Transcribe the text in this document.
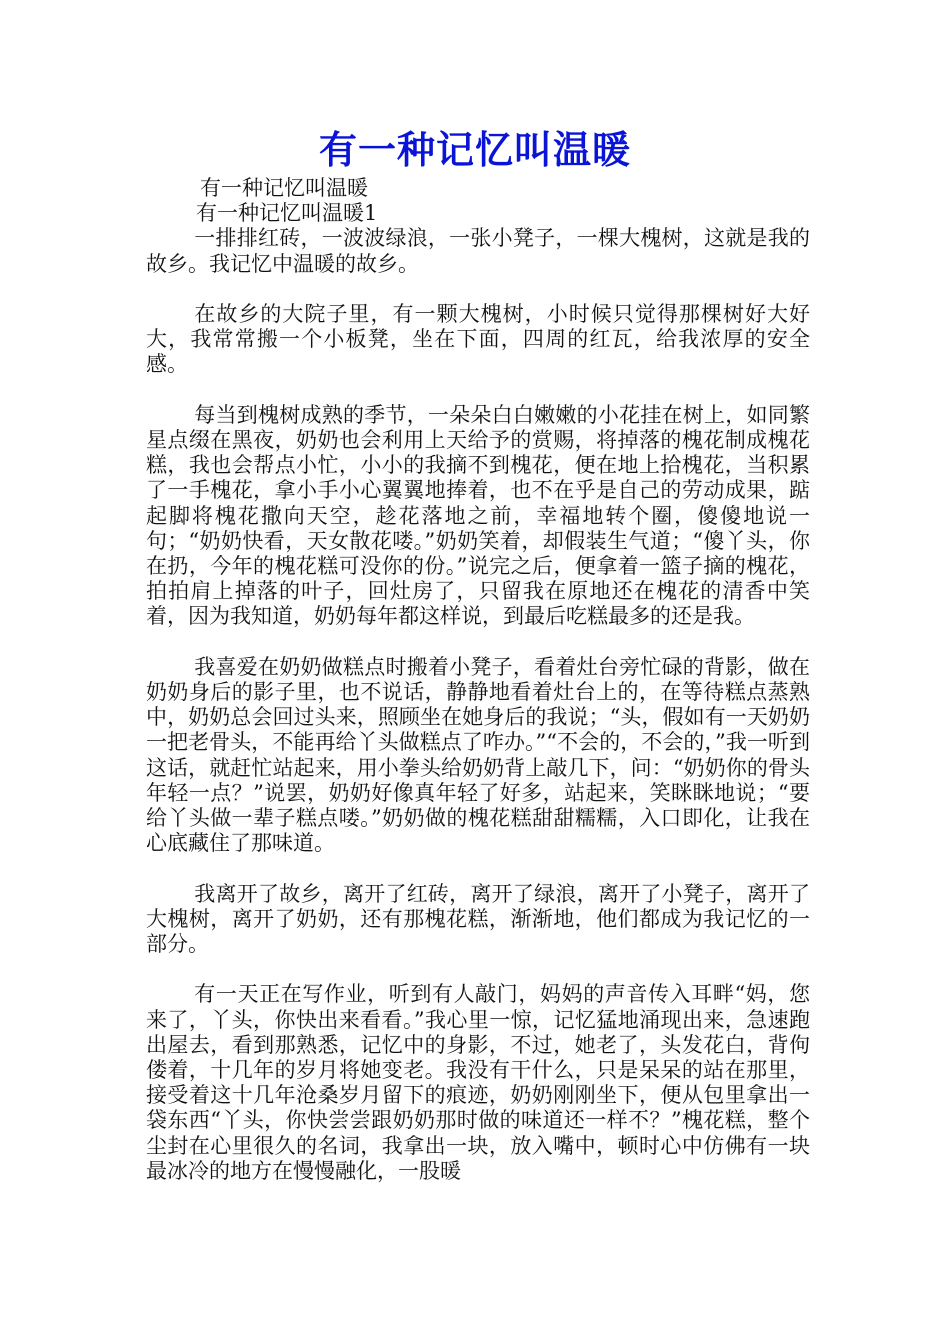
有一种记忆叫温暖

有一种记忆叫温暖

有一种记忆叫温暖1

一排排红砖，一波波绿浪，一张小凳子，一棵大槐树，这就是我的故乡。我记忆中温暖的故乡。

在故乡的大院子里，有一颗大槐树，小时候只觉得那棵树好大好大，我常常搬一个小板凳，坐在下面，四周的红瓦，给我浓厚的安全感。

每当到槐树成熟的季节，一朵朵白白嫩嫩的小花挂在树上，如同繁星点缀在黑夜，奶奶也会利用上天给予的赏赐，将掉落的槐花制成槐花糕，我也会帮点小忙，小小的我摘不到槐花，便在地上拾槐花，当积累了一手槐花，拿小手小心翼翼地捧着，也不在乎是自己的劳动成果，踮起脚将槐花撒向天空，趁花落地之前，幸福地转个圈，傻傻地说一句；“奶奶快看，天女散花喽。”奶奶笑着，却假装生气道；“傻丫头，你在扔，今年的槐花糕可没你的份。”说完之后，便拿着一篮子摘的槐花，拍拍肩上掉落的叶子，回灶房了，只留我在原地还在槐花的清香中笑着，因为我知道，奶奶每年都这样说，到最后吃糕最多的还是我。

我喜爱在奶奶做糕点时搬着小凳子，看着灶台旁忙碌的背影，做在奶奶身后的影子里，也不说话，静静地看着灶台上的，在等待糕点蒸熟中，奶奶总会回过头来，照顾坐在她身后的我说；“头，假如有一天奶奶一把老骨头，不能再给丫头做糕点了咋办。”“不会的，不会的，”我一听到这话，就赶忙站起来，用小拳头给奶奶背上敲几下，问：“奶奶你的骨头年轻一点？”说罢，奶奶好像真年轻了好多，站起来，笑眯眯地说；“要给丫头做一辈子糕点喽。”奶奶做的槐花糕甜甜糯糯，入口即化，让我在心底藏住了那味道。

我离开了故乡，离开了红砖，离开了绿浪，离开了小凳子，离开了大槐树，离开了奶奶，还有那槐花糕，渐渐地，他们都成为我记忆的一部分。

有一天正在写作业，听到有人敲门，妈妈的声音传入耳畔“妈，您来了，丫头，你快出来看看。”我心里一惊，记忆猛地涌现出来，急速跑出屋去，看到那熟悉，记忆中的身影，不过，她老了，头发花白，背佝偻着，十几年的岁月将她变老。我没有干什么，只是呆呆的站在那里，接受着这十几年沧桑岁月留下的痕迹，奶奶刚刚坐下，便从包里拿出一袋东西“丫头，你快尝尝跟奶奶那时做的味道还一样不？”槐花糕，整个尘封在心里很久的名词，我拿出一块，放入嘴中，顿时心中仿佛有一块最冰冷的地方在慢慢融化，一股暖
